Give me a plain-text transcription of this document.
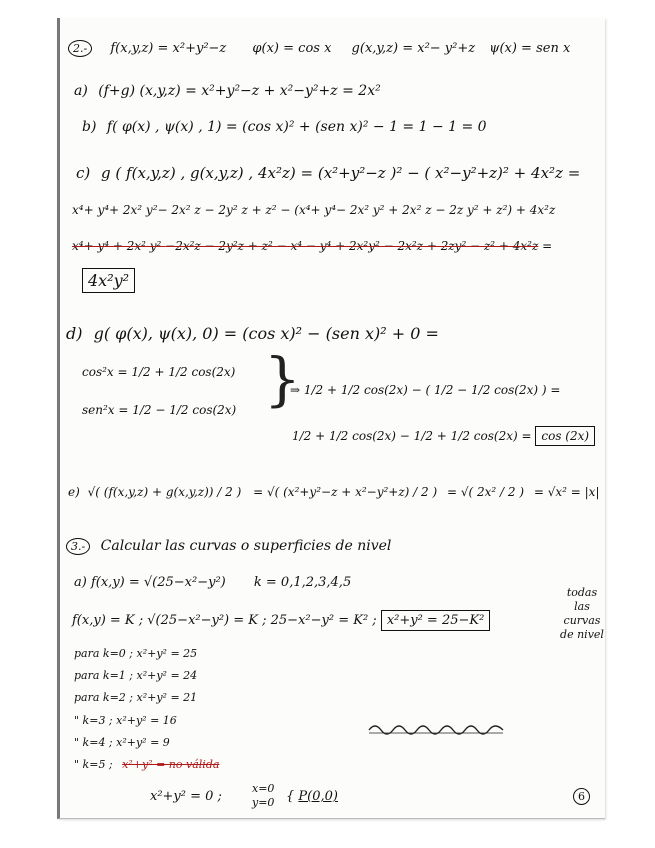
2.- f(x,y,z) = x²+y²−z φ(x) = cos x g(x,y,z) = x²− y²+z ψ(x) = sen x
a) (f+g) (x,y,z) = x²+y²−z + x²−y²+z = 2x²
b) f( φ(x) , ψ(x) , 1) = (cos x)² + (sen x)² − 1 = 1 − 1 = 0
c) g ( f(x,y,z) , g(x,y,z) , 4x²z) = (x²+y²−z )² − ( x²−y²+z)² + 4x²z =
x⁴+ y⁴+ 2x² y²− 2x² z − 2y² z + z² − (x⁴+ y⁴− 2x² y² + 2x² z − 2z y² + z²) + 4x²z
x⁴+ y⁴ + 2x² y² −2x²z − 2y²z + z² − x⁴ − y⁴ + 2x²y² − 2x²z + 2zy² − z² + 4x²z =
4x²y²
d) g( φ(x), ψ(x), 0) = (cos x)² − (sen x)² + 0 =
cos²x = 1/2 + 1/2 cos(2x)
sen²x = 1/2 − 1/2 cos(2x) }
⇒ 1/2 + 1/2 cos(2x) − ( 1/2 − 1/2 cos(2x) ) =
1/2 + 1/2 cos(2x) − 1/2 + 1/2 cos(2x) = cos (2x)
e) √( (f(x,y,z) + g(x,y,z)) / 2 ) = √( (x²+y²−z + x²−y²+z) / 2 ) = √( 2x² / 2 ) = √x² = |x|
3.- Calcular las curvas o superficies de nivel
a) f(x,y) = √(25−x²−y²) k = 0,1,2,3,4,5
f(x,y) = K ; √(25−x²−y²) = K ; 25−x²−y² = K² ; x²+y² = 25−K²
todas
las
curvas
de nivel
para k=0 ; x²+y² = 25
para k=1 ; x²+y² = 24
para k=2 ; x²+y² = 21
" k=3 ; x²+y² = 16
" k=4 ; x²+y² = 9
" k=5 ; x²+y² = no válida
x²+y² = 0 ;
x=0
y=0 { P(0,0)	6
